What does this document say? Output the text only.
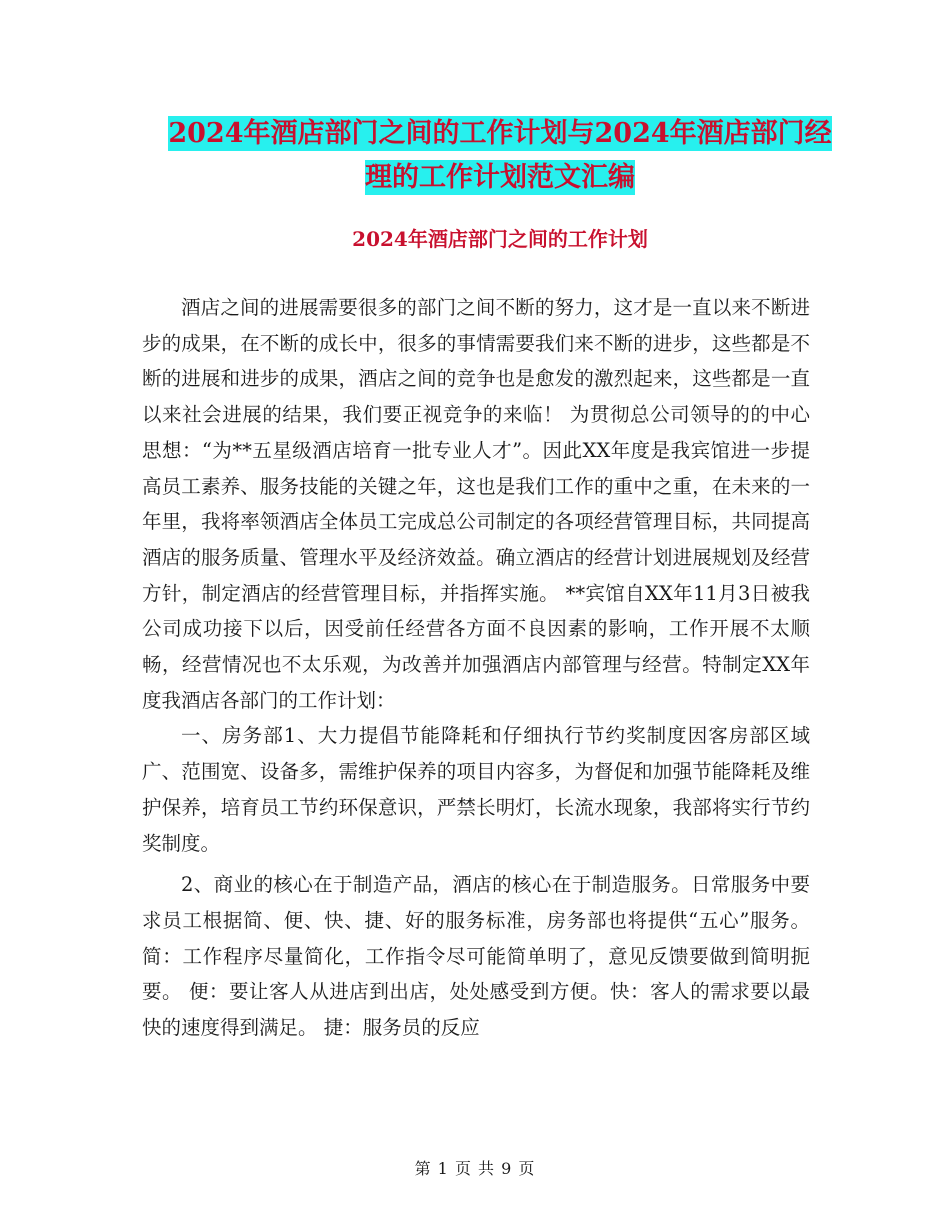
2024年酒店部门之间的工作计划与2024年酒店部门经
理的工作计划范文汇编
2024年酒店部门之间的工作计划

酒店之间的进展需要很多的部门之间不断的努力，这才是一直以来不断进步的成果，在不断的成长中，很多的事情需要我们来不断的进步，这些都是不断的进展和进步的成果，酒店之间的竞争也是愈发的激烈起来，这些都是一直以来社会进展的结果，我们要正视竞争的来临！ 为贯彻总公司领导的的中心思想：“为**五星级酒店培育一批专业人才”。因此XX年度是我宾馆进一步提高员工素养、服务技能的关键之年，这也是我们工作的重中之重，在未来的一年里，我将率领酒店全体员工完成总公司制定的各项经营管理目标，共同提高酒店的服务质量、管理水平及经济效益。确立酒店的经营计划进展规划及经营方针，制定酒店的经营管理目标，并指挥实施。 **宾馆自XX年11月3日被我公司成功接下以后，因受前任经营各方面不良因素的影响，工作开展不太顺畅，经营情况也不太乐观，为改善并加强酒店内部管理与经营。特制定XX年度我酒店各部门的工作计划：

一、房务部1、大力提倡节能降耗和仔细执行节约奖制度因客房部区域广、范围宽、设备多，需维护保养的项目内容多，为督促和加强节能降耗及维护保养，培育员工节约环保意识，严禁长明灯，长流水现象，我部将实行节约奖制度。

2、商业的核心在于制造产品，酒店的核心在于制造服务。日常服务中要求员工根据简、便、快、捷、好的服务标准，房务部也将提供“五心”服务。简：工作程序尽量简化，工作指令尽可能简单明了，意见反馈要做到简明扼要。 便：要让客人从进店到出店，处处感受到方便。快：客人的需求要以最快的速度得到满足。 捷：服务员的反应

第 1 页 共 9 页
